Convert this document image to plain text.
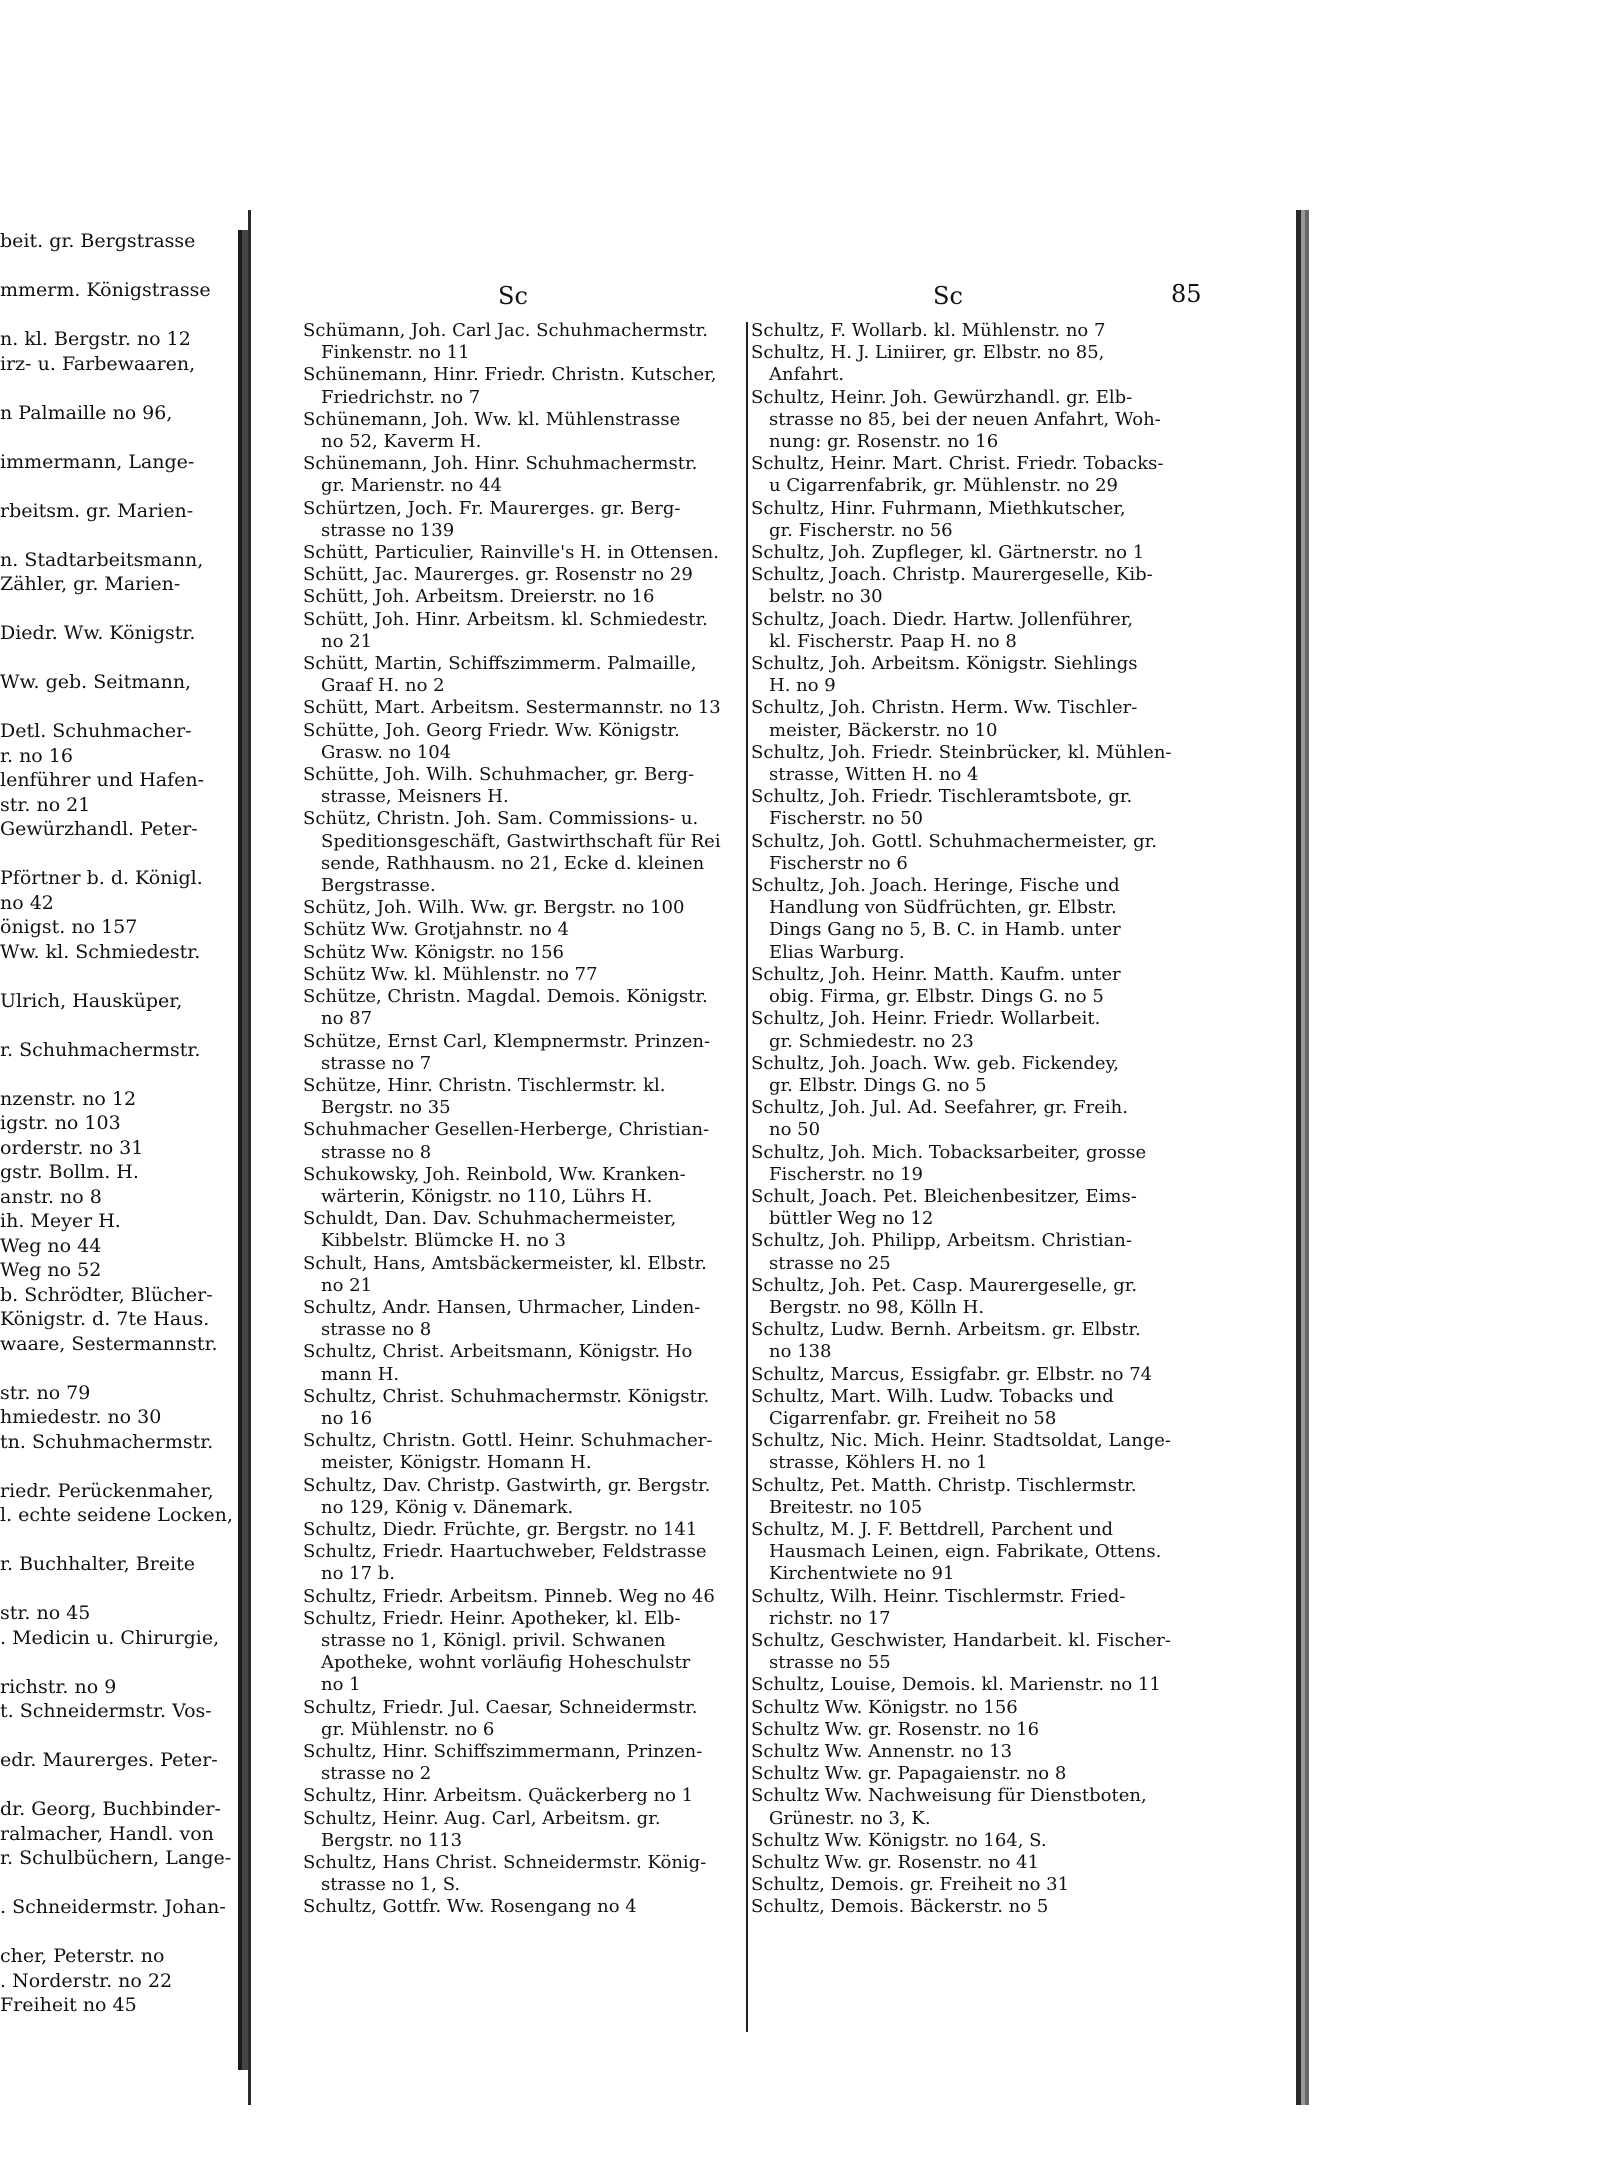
beit. gr. Bergstrasse
mmerm. Königstrasse
n. kl. Bergstr. no 12
irz- u. Farbewaaren,
n Palmaille no 96,
immermann, Lange-
rbeitsm. gr. Marien-
n. Stadtarbeitsmann,
Zähler, gr. Marien-
Diedr. Ww. Königstr.
Ww. geb. Seitmann,
Detl. Schuhmacher-
r. no 16
lenführer und Hafen-
str. no 21
Gewürzhandl. Peter-
Pförtner b. d. Königl.
no 42
önigst. no 157
Ww. kl. Schmiedestr.
Ulrich, Hausküper,
r. Schuhmachermstr.
nzenstr. no 12
igstr. no 103
orderstr. no 31
gstr. Bollm. H.
anstr. no 8
ih. Meyer H.
Weg no 44
Weg no 52
b. Schrödter, Blücher-
Königstr. d. 7te Haus.
waare, Sestermannstr.
str. no 79
hmiedestr. no 30
tn. Schuhmachermstr.
riedr. Perückenmaher,
l. echte seidene Locken,
r. Buchhalter, Breite
str. no 45
. Medicin u. Chirurgie,
richstr. no 9
t. Schneidermstr. Vos-
edr. Maurerges. Peter-
dr. Georg, Buchbinder-
ralmacher, Handl. von
r. Schulbüchern, Lange-
. Schneidermstr. Johan-
cher, Peterstr. no
. Norderstr. no 22
Freiheit no 45
Sc	Sc	85
Schümann, Joh. Carl Jac. Schuhmachermstr.
Finkenstr. no 11
Schünemann, Hinr. Friedr. Christn. Kutscher,
Friedrichstr. no 7
Schünemann, Joh. Ww. kl. Mühlenstrasse
no 52, Kaverm H.
Schünemann, Joh. Hinr. Schuhmachermstr.
gr. Marienstr. no 44
Schürtzen, Joch. Fr. Maurerges. gr. Berg-
strasse no 139
Schütt, Particulier, Rainville's H. in Ottensen.
Schütt, Jac. Maurerges. gr. Rosenstr no 29
Schütt, Joh. Arbeitsm. Dreierstr. no 16
Schütt, Joh. Hinr. Arbeitsm. kl. Schmiedestr.
no 21
Schütt, Martin, Schiffszimmerm. Palmaille,
Graaf H. no 2
Schütt, Mart. Arbeitsm. Sestermannstr. no 13
Schütte, Joh. Georg Friedr. Ww. Königstr.
Grasw. no 104
Schütte, Joh. Wilh. Schuhmacher, gr. Berg-
strasse, Meisners H.
Schütz, Christn. Joh. Sam. Commissions- u.
Speditionsgeschäft, Gastwirthschaft für Rei
sende, Rathhausm. no 21, Ecke d. kleinen
Bergstrasse.
Schütz, Joh. Wilh. Ww. gr. Bergstr. no 100
Schütz Ww. Grotjahnstr. no 4
Schütz Ww. Königstr. no 156
Schütz Ww. kl. Mühlenstr. no 77
Schütze, Christn. Magdal. Demois. Königstr.
no 87
Schütze, Ernst Carl, Klempnermstr. Prinzen-
strasse no 7
Schütze, Hinr. Christn. Tischlermstr. kl.
Bergstr. no 35
Schuhmacher Gesellen-Herberge, Christian-
strasse no 8
Schukowsky, Joh. Reinbold, Ww. Kranken-
wärterin, Königstr. no 110, Lührs H.
Schuldt, Dan. Dav. Schuhmachermeister,
Kibbelstr. Blümcke H. no 3
Schult, Hans, Amtsbäckermeister, kl. Elbstr.
no 21
Schultz, Andr. Hansen, Uhrmacher, Linden-
strasse no 8
Schultz, Christ. Arbeitsmann, Königstr. Ho
mann H.
Schultz, Christ. Schuhmachermstr. Königstr.
no 16
Schultz, Christn. Gottl. Heinr. Schuhmacher-
meister, Königstr. Homann H.
Schultz, Dav. Christp. Gastwirth, gr. Bergstr.
no 129, König v. Dänemark.
Schultz, Diedr. Früchte, gr. Bergstr. no 141
Schultz, Friedr. Haartuchweber, Feldstrasse
no 17 b.
Schultz, Friedr. Arbeitsm. Pinneb. Weg no 46
Schultz, Friedr. Heinr. Apotheker, kl. Elb-
strasse no 1, Königl. privil. Schwanen
Apotheke, wohnt vorläufig Hoheschulstr
no 1
Schultz, Friedr. Jul. Caesar, Schneidermstr.
gr. Mühlenstr. no 6
Schultz, Hinr. Schiffszimmermann, Prinzen-
strasse no 2
Schultz, Hinr. Arbeitsm. Quäckerberg no 1
Schultz, Heinr. Aug. Carl, Arbeitsm. gr.
Bergstr. no 113
Schultz, Hans Christ. Schneidermstr. König-
strasse no 1, S.
Schultz, Gottfr. Ww. Rosengang no 4
Schultz, F. Wollarb. kl. Mühlenstr. no 7
Schultz, H. J. Liniirer, gr. Elbstr. no 85,
Anfahrt.
Schultz, Heinr. Joh. Gewürzhandl. gr. Elb-
strasse no 85, bei der neuen Anfahrt, Woh-
nung: gr. Rosenstr. no 16
Schultz, Heinr. Mart. Christ. Friedr. Tobacks-
u Cigarrenfabrik, gr. Mühlenstr. no 29
Schultz, Hinr. Fuhrmann, Miethkutscher,
gr. Fischerstr. no 56
Schultz, Joh. Zupfleger, kl. Gärtnerstr. no 1
Schultz, Joach. Christp. Maurergeselle, Kib-
belstr. no 30
Schultz, Joach. Diedr. Hartw. Jollenführer,
kl. Fischerstr. Paap H. no 8
Schultz, Joh. Arbeitsm. Königstr. Siehlings
H. no 9
Schultz, Joh. Christn. Herm. Ww. Tischler-
meister, Bäckerstr. no 10
Schultz, Joh. Friedr. Steinbrücker, kl. Mühlen-
strasse, Witten H. no 4
Schultz, Joh. Friedr. Tischleramtsbote, gr.
Fischerstr. no 50
Schultz, Joh. Gottl. Schuhmachermeister, gr.
Fischerstr no 6
Schultz, Joh. Joach. Heringe, Fische und
Handlung von Südfrüchten, gr. Elbstr.
Dings Gang no 5, B. C. in Hamb. unter
Elias Warburg.
Schultz, Joh. Heinr. Matth. Kaufm. unter
obig. Firma, gr. Elbstr. Dings G. no 5
Schultz, Joh. Heinr. Friedr. Wollarbeit.
gr. Schmiedestr. no 23
Schultz, Joh. Joach. Ww. geb. Fickendey,
gr. Elbstr. Dings G. no 5
Schultz, Joh. Jul. Ad. Seefahrer, gr. Freih.
no 50
Schultz, Joh. Mich. Tobacksarbeiter, grosse
Fischerstr. no 19
Schult, Joach. Pet. Bleichenbesitzer, Eims-
büttler Weg no 12
Schultz, Joh. Philipp, Arbeitsm. Christian-
strasse no 25
Schultz, Joh. Pet. Casp. Maurergeselle, gr.
Bergstr. no 98, Kölln H.
Schultz, Ludw. Bernh. Arbeitsm. gr. Elbstr.
no 138
Schultz, Marcus, Essigfabr. gr. Elbstr. no 74
Schultz, Mart. Wilh. Ludw. Tobacks und
Cigarrenfabr. gr. Freiheit no 58
Schultz, Nic. Mich. Heinr. Stadtsoldat, Lange-
strasse, Köhlers H. no 1
Schultz, Pet. Matth. Christp. Tischlermstr.
Breitestr. no 105
Schultz, M. J. F. Bettdrell, Parchent und
Hausmach Leinen, eign. Fabrikate, Ottens.
Kirchentwiete no 91
Schultz, Wilh. Heinr. Tischlermstr. Fried-
richstr. no 17
Schultz, Geschwister, Handarbeit. kl. Fischer-
strasse no 55
Schultz, Louise, Demois. kl. Marienstr. no 11
Schultz Ww. Königstr. no 156
Schultz Ww. gr. Rosenstr. no 16
Schultz Ww. Annenstr. no 13
Schultz Ww. gr. Papagaienstr. no 8
Schultz Ww. Nachweisung für Dienstboten,
Grünestr. no 3, K.
Schultz Ww. Königstr. no 164, S.
Schultz Ww. gr. Rosenstr. no 41
Schultz, Demois. gr. Freiheit no 31
Schultz, Demois. Bäckerstr. no 5
